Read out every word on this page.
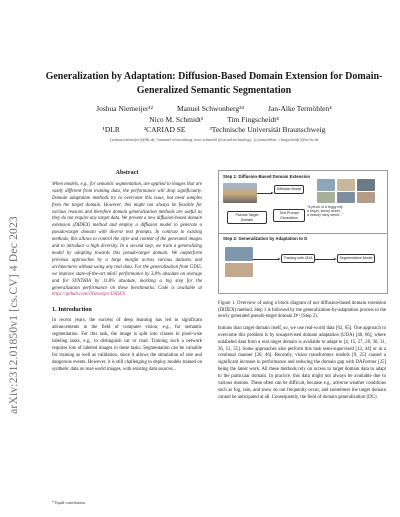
arXiv:2312.01850v1 [cs.CV] 4 Dec 2023
Generalization by Adaptation: Diffusion-Based Domain Extension for Domain-Generalized Semantic Segmentation
Joshua Niemeijer¹²	Manuel Schwonberg³⁴	Jan-Aike Termöhlen⁴
Nico M. Schmidt³	Tim Fingscheidt⁴
¹DLR	²CARIAD SE	³Technische Universität Braunschweig
{joshua.niemeijer}@dlr.de, {manuel.schwonberg, nico.schmidt}@cariad.technology, {j.termoehlen, t.fingscheidt}@tu-bs.de
Abstract
When models, e.g., for semantic segmentation, are applied to images that are vastly different from training data, the performance will drop significantly. Domain adaptation methods try to overcome this issue, but need samples from the target domain. However, this might not always be feasible for various reasons and therefore domain generalization methods are useful as they do not require any target data. We present a new diffusion-based domain extension (DIDEX) method and employ a diffusion model to generate a pseudo-target domain with diverse text prompts. In contrast to existing methods, this allows to control the style and content of the generated images and to introduce a high diversity. In a second step, we train a generalizing model by adapting towards this pseudo-target domain. We outperform previous approaches by a large margin across various datasets and architectures without using any real data. For the generalization from GTA5, we improve state-of-the-art mIoU performance by 3.8% absolute on average and for SYNTHIA by 11.8% absolute, marking a big step for the generalization performance on these benchmarks. Code is available at https://github.com/JNiemeijer/DIDEX
1. Introduction
In recent years, the success of deep learning has led to significant advancements in the field of computer vision, e.g., for semantic segmentation. For this task, the image is split into classes in pixel-wise labeling tasks, e.g., to distinguish car or road. Training such a network requires lots of labeled images in these tasks. Segmentation can be valuable for training as well as validation, since it allows the simulation of rare and dangerous events. However, it is still challenging to deploy models trained on synthetic data on real-world images, with existing data sources...
* Equal contribution.
Step 1: Diffusion-Based Domain Extension
Diffusion Model
Text Prompt Generation
"A photo of a foggy city
a bright, sunny street,
a heavily rainy street..."
Pseudo Target Domain
Step 2: Generalization by Adaptation to D
Training with UDA	Segmentation Model
Figure 1. Overview of using a block diagram of our diffusion-based domain extension (DIDEX) method. Step 1 is followed by the generalization-by-adaptation process to the newly generated pseudo-target domain Dᵀʸ (Step 2).
butions than target domain itself, so, we use real-world data [62, 65]. One approach to overcome this problem is by unsupervised domain adaptation (UDA) [40, 66], where unlabeled data from a real target domain is available to adapt to [4, 15, 27, 28, 30, 31, 36, 51, 55]. Some approaches also perform this task semi-supervised [12, 44] or in a continual manner [20, 46]. Recently, vision transformers models [9, 25] caused a significant increase in performance and reducing the domain gap with DAFormer [25] being the latest work. All these methods rely on access to target domain data to adapt to the particular domain. In practice, this data might not always be available due to various reasons. These often can be difficult, because e.g., adverse weather conditions such as fog, rain, and snow do not frequently occur, and sometimes the target domain cannot be anticipated at all. Consequently, the field of domain generalization (DG)
